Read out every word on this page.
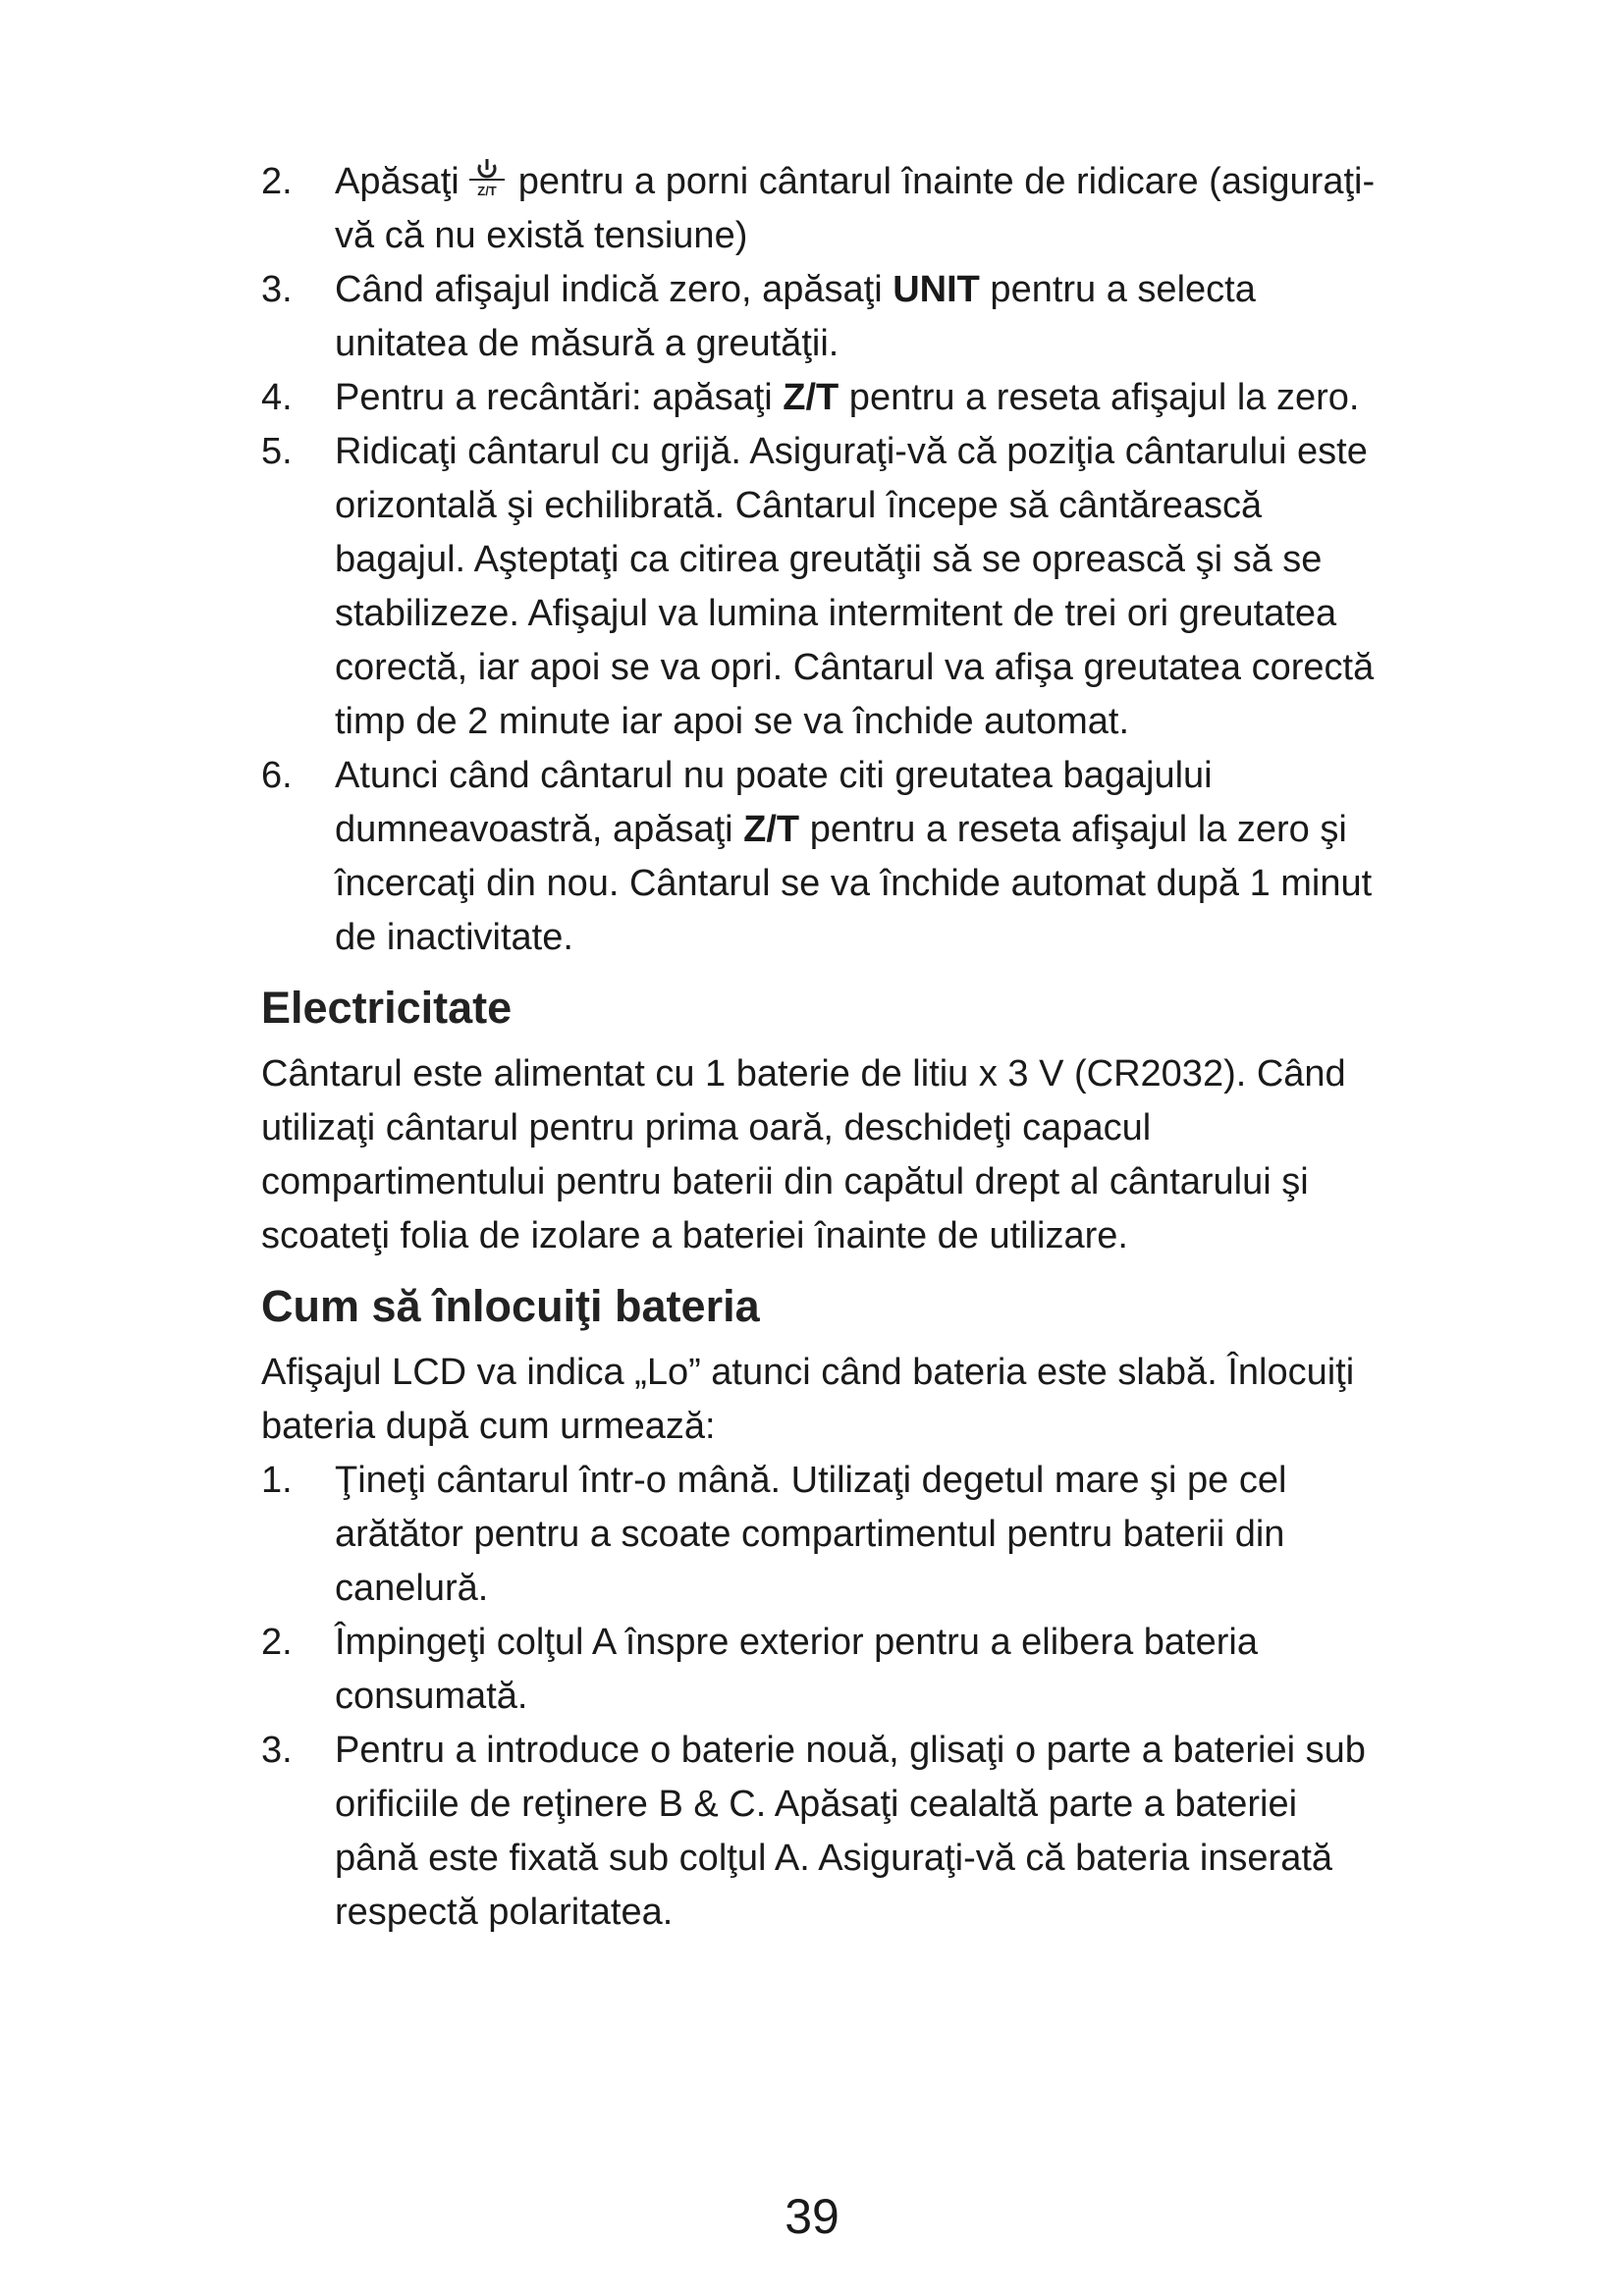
2. Apăsaţi Z/T pentru a porni cântarul înainte de ridicare (asiguraţi-vă că nu există tensiune)
3. Când afişajul indică zero, apăsaţi UNIT pentru a selecta unitatea de măsură a greutăţii.
4. Pentru a recântări: apăsaţi Z/T pentru a reseta afişajul la zero.
5. Ridicaţi cântarul cu grijă. Asiguraţi-vă că poziţia cântarului este orizontală şi echilibrată. Cântarul începe să cântărească bagajul. Aşteptaţi ca citirea greutăţii să se oprească şi să se stabilizeze. Afişajul va lumina intermitent de trei ori greutatea corectă, iar apoi se va opri. Cântarul va afişa greutatea corectă timp de 2 minute iar apoi se va închide automat.
6. Atunci când cântarul nu poate citi greutatea bagajului dumneavoastră, apăsaţi Z/T pentru a reseta afişajul la zero şi încercaţi din nou. Cântarul se va închide automat după 1 minut de inactivitate.
Electricitate

Cântarul este alimentat cu 1 baterie de litiu x 3 V (CR2032). Când utilizaţi cântarul pentru prima oară, deschideţi capacul compartimentului pentru baterii din capătul drept al cântarului şi scoateţi folia de izolare a bateriei înainte de utilizare.

Cum să înlocuiţi bateria

Afişajul LCD va indica „Lo” atunci când bateria este slabă. Înlocuiţi bateria după cum urmează:

1. Ţineţi cântarul într-o mână. Utilizaţi degetul mare şi pe cel arătător pentru a scoate compartimentul pentru baterii din canelură.
2. Împingeţi colţul A înspre exterior pentru a elibera bateria consumată.
3. Pentru a introduce o baterie nouă, glisaţi o parte a bateriei sub orificiile de reţinere B & C. Apăsaţi cealaltă parte a bateriei până este fixată sub colţul A. Asiguraţi-vă că bateria inserată respectă polaritatea.
39
